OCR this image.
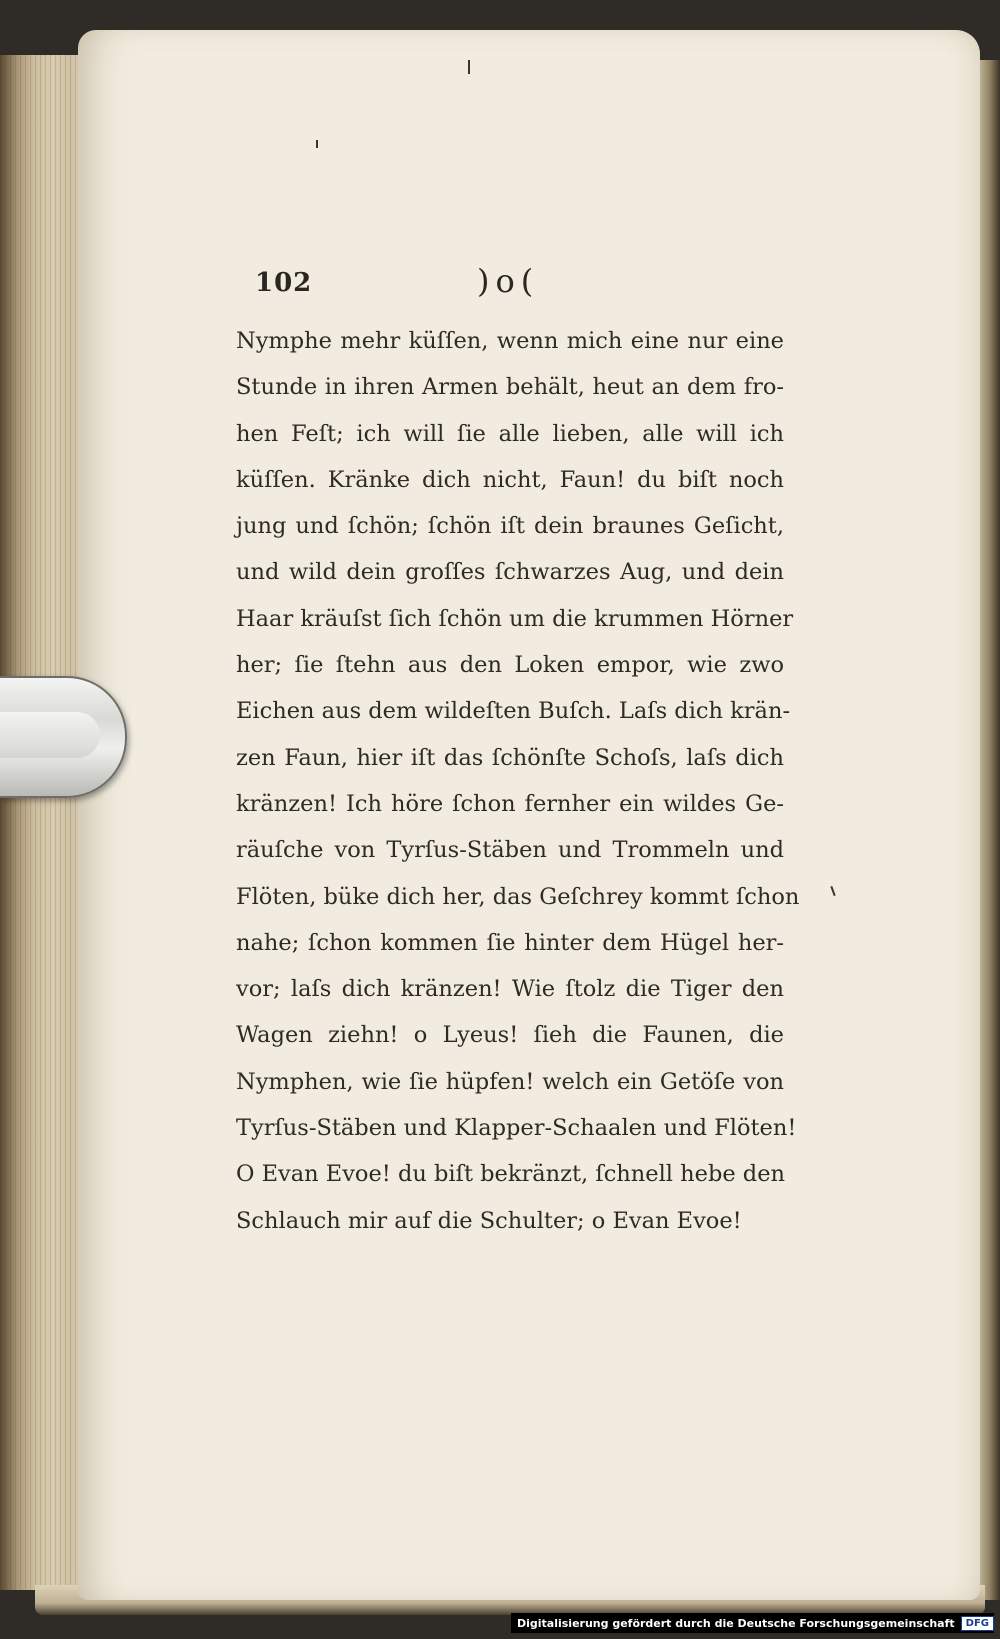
102	)o(
Nymphe mehr küſſen, wenn mich eine nur eine
Stunde in ihren Armen behält, heut an dem fro-
hen Feſt; ich will ſie alle lieben, alle will ich
küſſen. Kränke dich nicht, Faun! du biſt noch
jung und ſchön; ſchön iſt dein braunes Geſicht,
und wild dein groſſes ſchwarzes Aug, und dein
Haar kräuſst ſich ſchön um die krummen Hörner
her; ſie ſtehn aus den Loken empor, wie zwo
Eichen aus dem wildeſten Buſch. Laſs dich krän-
zen Faun, hier iſt das ſchönſte Schoſs, laſs dich
kränzen! Ich höre ſchon fernher ein wildes Ge-
räuſche von Tyrſus-Stäben und Trommeln und
Flöten, büke dich her, das Geſchrey kommt ſchon
nahe; ſchon kommen ſie hinter dem Hügel her-
vor; laſs dich kränzen! Wie ſtolz die Tiger den
Wagen ziehn! o Lyeus! ſieh die Faunen, die
Nymphen, wie ſie hüpfen! welch ein Getöſe von
Tyrſus-Stäben und Klapper-Schaalen und Flöten!
O Evan Evoe! du biſt bekränzt, ſchnell hebe den
Schlauch mir auf die Schulter; o Evan Evoe!
Digitalisierung gefördert durch die Deutsche Forschungsgemeinschaft	DFG
